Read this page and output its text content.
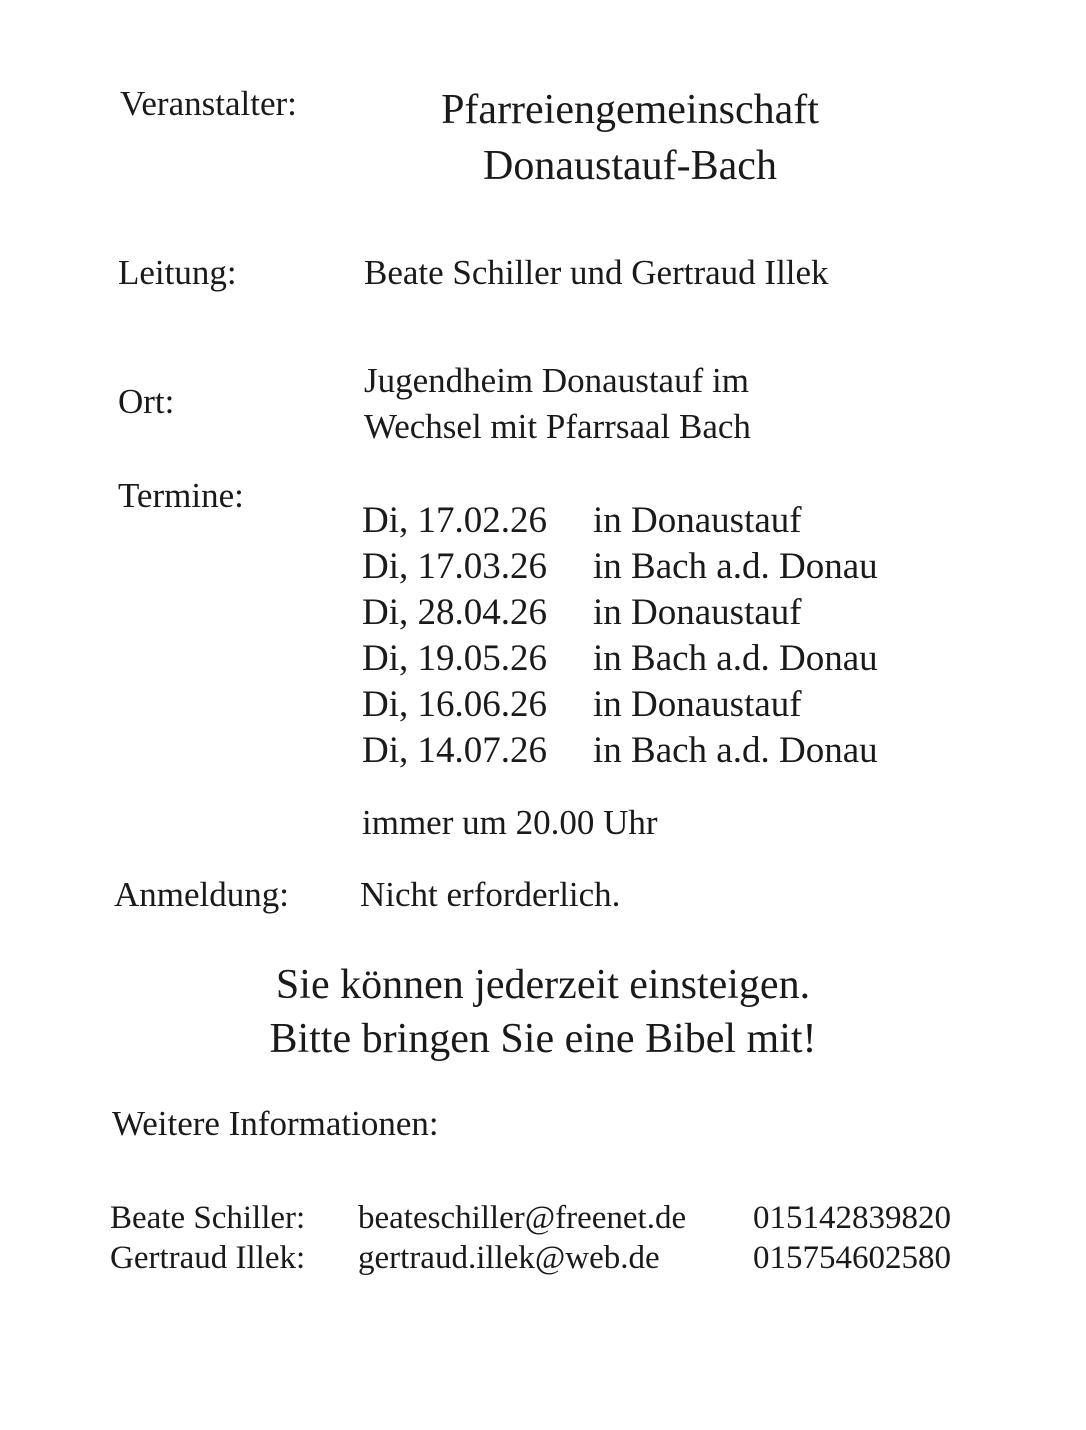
Veranstalter:	Pfarreiengemeinschaft
Donaustauf-Bach
Leitung:	Beate Schiller und Gertraud Illek
Ort:
Jugendheim Donaustauf im
Wechsel mit Pfarrsaal Bach
Termine:
Di, 17.02.26	in Donaustauf
Di, 17.03.26	in Bach a.d. Donau
Di, 28.04.26	in Donaustauf
Di, 19.05.26	in Bach a.d. Donau
Di, 16.06.26	in Donaustauf
Di, 14.07.26	in Bach a.d. Donau
immer um 20.00 Uhr
Anmeldung: Nicht erforderlich.
Sie können jederzeit einsteigen.
Bitte bringen Sie eine Bibel mit!
Weitere Informationen:
Beate Schiller:	beateschiller@freenet.de	015142839820
Gertraud Illek:	gertraud.illek@web.de	015754602580
